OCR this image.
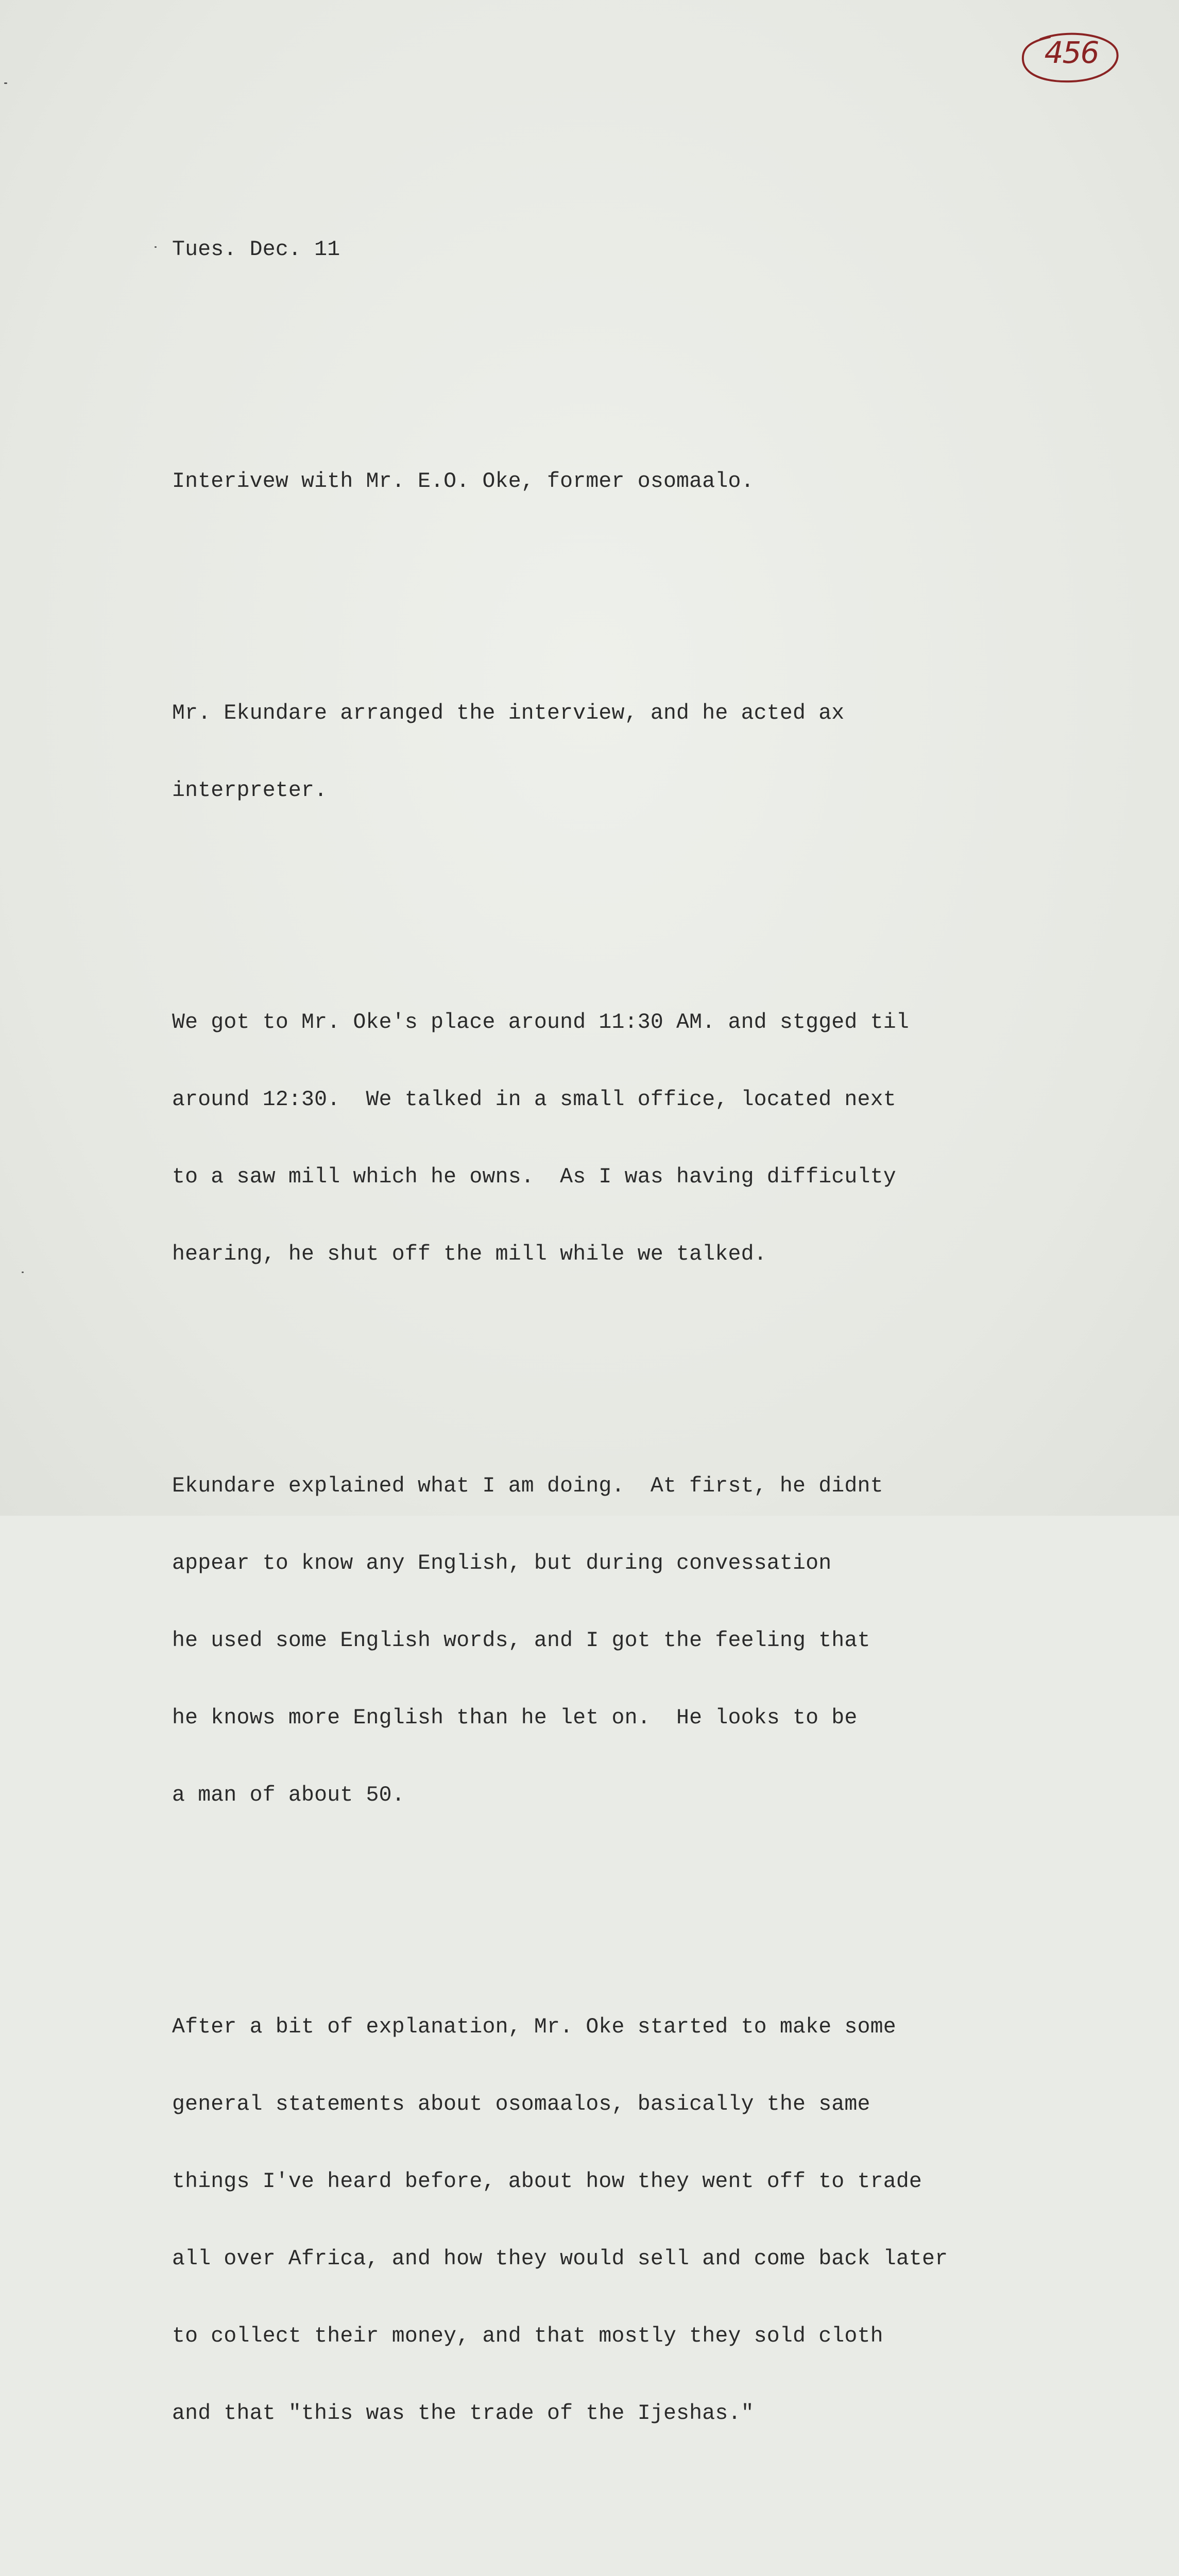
456

Tues. Dec. 11

Interivew with Mr. E.O. Oke, former osomaalo.

Mr. Ekundare arranged the interview, and he acted ax

interpreter.

We got to Mr. Oke's place around 11:30 AM. and stgged til

around 12:30.  We talked in a small office, located next

to a saw mill which he owns.  As I was having difficulty

hearing, he shut off the mill while we talked.

Ekundare explained what I am doing.  At first, he didnt

appear to know any English, but during convessation

he used some English words, and I got the feeling that

he knows more English than he let on.  He looks to be

a man of about 50.

After a bit of explanation, Mr. Oke started to make some

general statements about osomaalos, basically the same

things I've heard before, about how they went off to trade

all over Africa, and how they would sell and come back later

to collect their money, and that mostly they sold cloth

and that "this was the trade of the Ijeshas."
